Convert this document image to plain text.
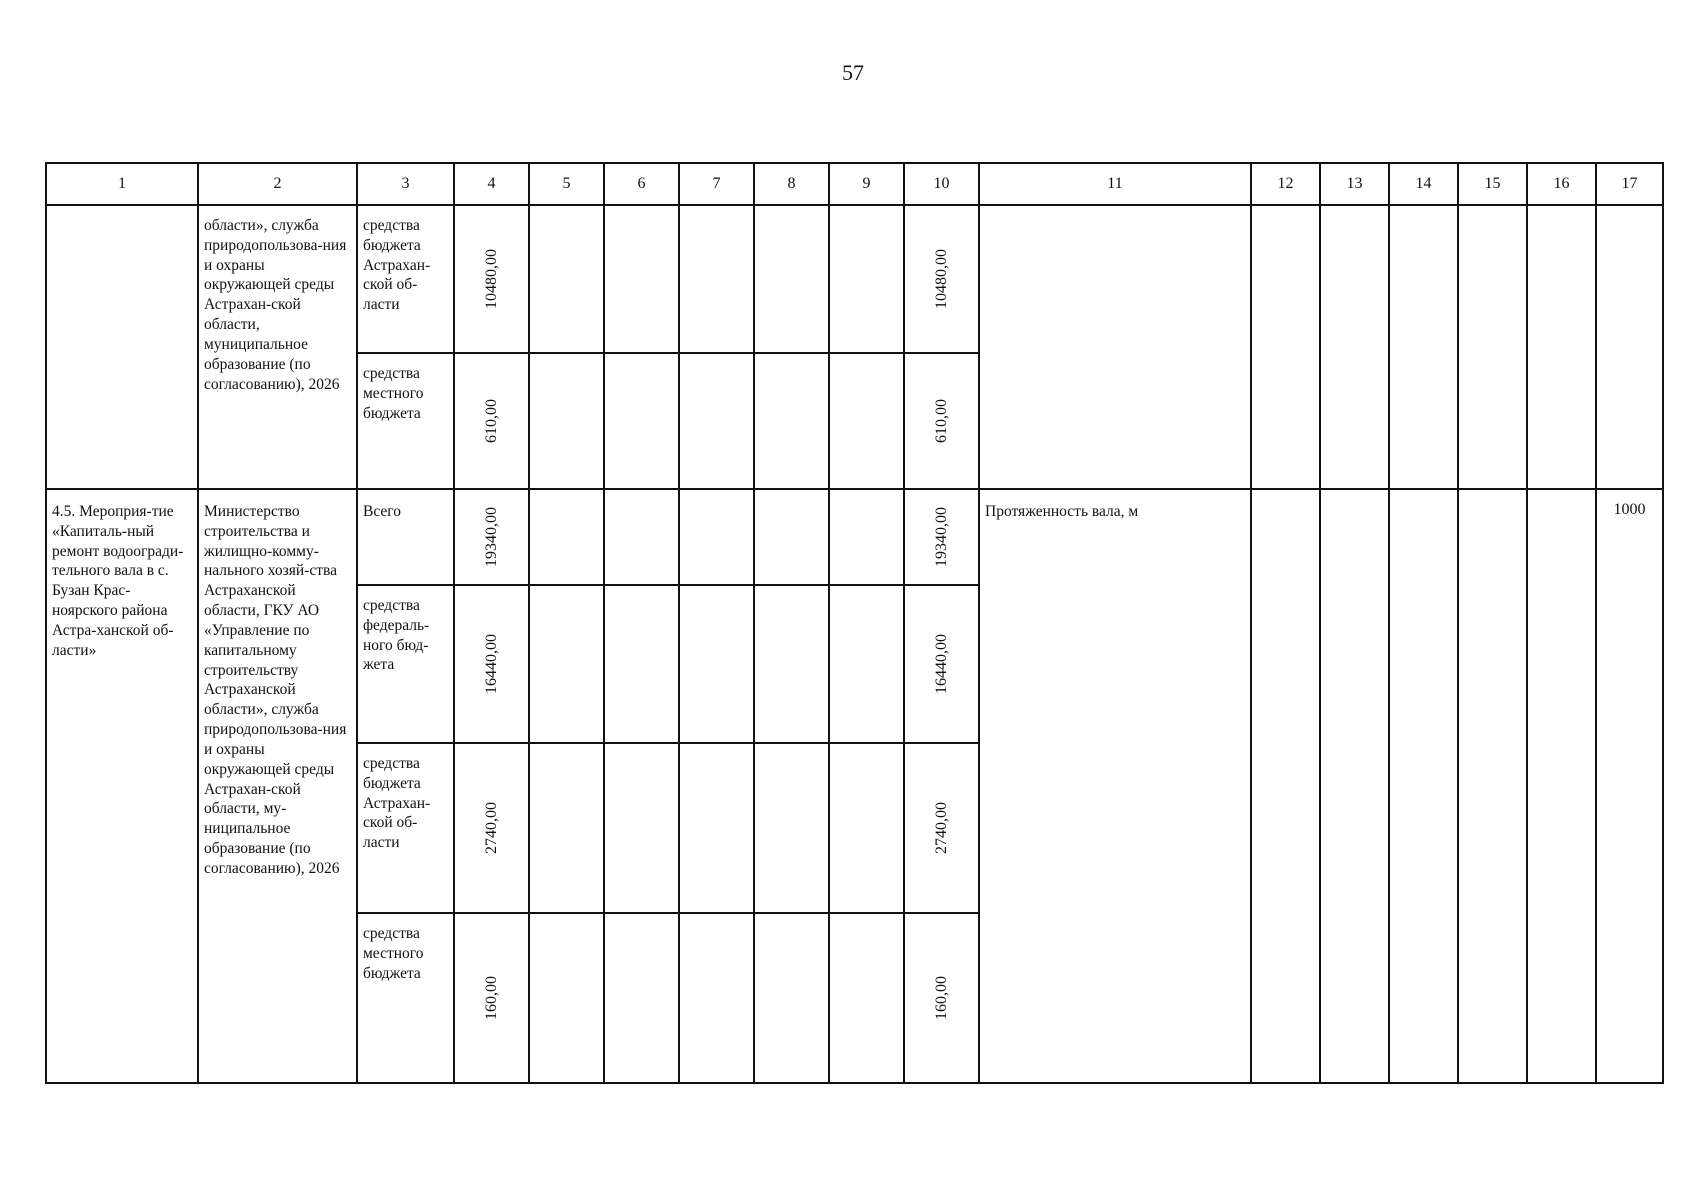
57
1	2	3	4	5	6	7	8	9	10	11	12	13	14	15	16	17

	области», служба природопользова-ния и охраны окружающей среды Астрахан-ской области, муниципальное образование (по согласованию), 2026	средства бюджета Астрахан-ской об-ласти	10480,00						10480,00							

		средства местного бюджета	610,00						610,00							

4.5. Мероприя-тие «Капиталь-ный ремонт водоогради-тельного вала в с. Бузан Крас-ноярского района Астра-ханской об-ласти»	Министерство строительства и жилищно-комму-нального хозяй-ства Астраханской области, ГКУ АО «Управление по капитальному строительству Астраханской области», служба природопользова-ния и охраны окружающей среды Астрахан-ской области, му-ниципальное образование (по согласованию), 2026	Всего	19340,00						19340,00	Протяженность вала, м						1000

		средства федераль-ного бюд-жета	16440,00						16440,00							

		средства бюджета Астрахан-ской об-ласти	2740,00						2740,00							

		средства местного бюджета	160,00						160,00							
